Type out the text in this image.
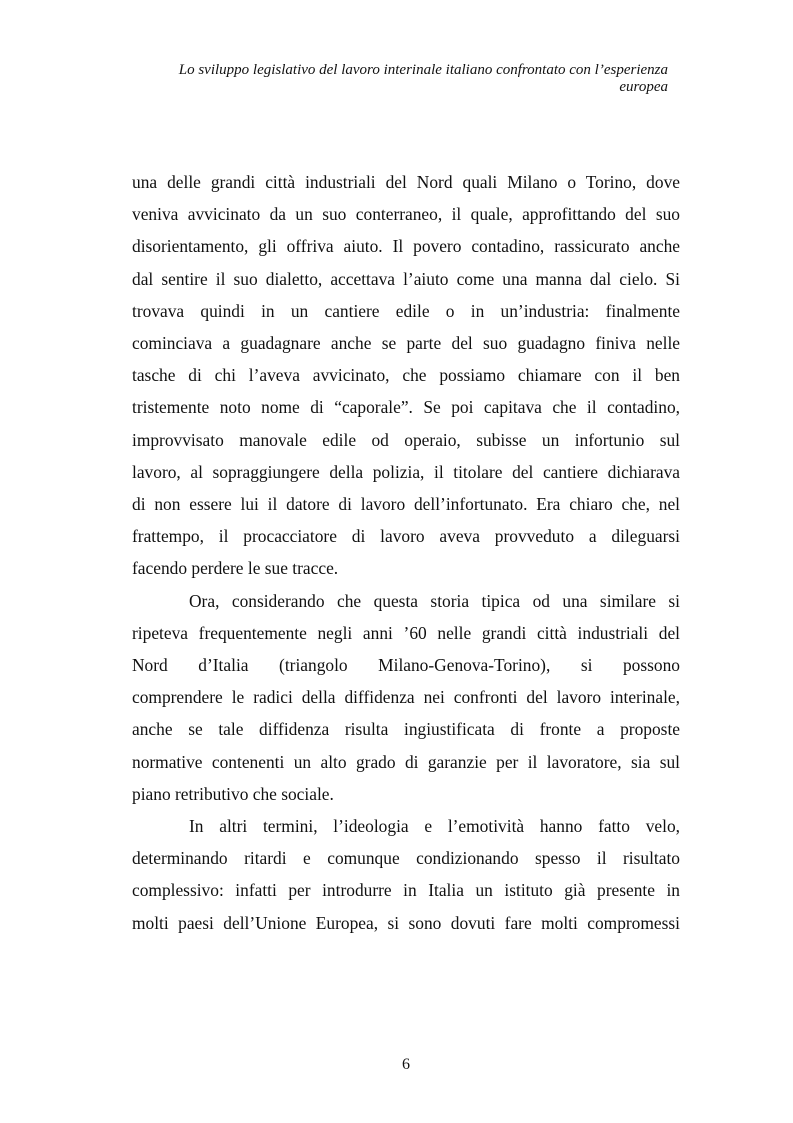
Lo sviluppo legislativo del lavoro interinale italiano confrontato con l’esperienza europea
una delle grandi città industriali del Nord quali Milano o Torino, dove
veniva avvicinato da un suo conterraneo, il quale, approfittando del suo
disorientamento, gli offriva aiuto. Il povero contadino, rassicurato anche
dal sentire il suo dialetto, accettava l’aiuto come una manna dal cielo. Si
trovava quindi in un cantiere edile o in un’industria: finalmente
cominciava a guadagnare anche se parte del suo guadagno finiva nelle
tasche di chi l’aveva avvicinato, che possiamo chiamare con il ben
tristemente noto nome di “caporale”. Se poi capitava che il contadino,
improvvisato manovale edile od operaio, subisse un infortunio sul
lavoro, al sopraggiungere della polizia, il titolare del cantiere dichiarava
di non essere lui il datore di lavoro dell’infortunato. Era chiaro che, nel
frattempo, il procacciatore di lavoro aveva provveduto a dileguarsi
facendo perdere le sue tracce.
Ora, considerando che questa storia tipica od una similare si
ripeteva frequentemente negli anni ’60 nelle grandi città industriali del
Nord d’Italia (triangolo Milano-Genova-Torino), si possono
comprendere le radici della diffidenza nei confronti del lavoro interinale,
anche se tale diffidenza risulta ingiustificata di fronte a proposte
normative contenenti un alto grado di garanzie per il lavoratore, sia sul
piano retributivo che sociale.
In altri termini, l’ideologia e l’emotività hanno fatto velo,
determinando ritardi e comunque condizionando spesso il risultato
complessivo: infatti per introdurre in Italia un istituto già presente in
molti paesi dell’Unione Europea, si sono dovuti fare molti compromessi
6
